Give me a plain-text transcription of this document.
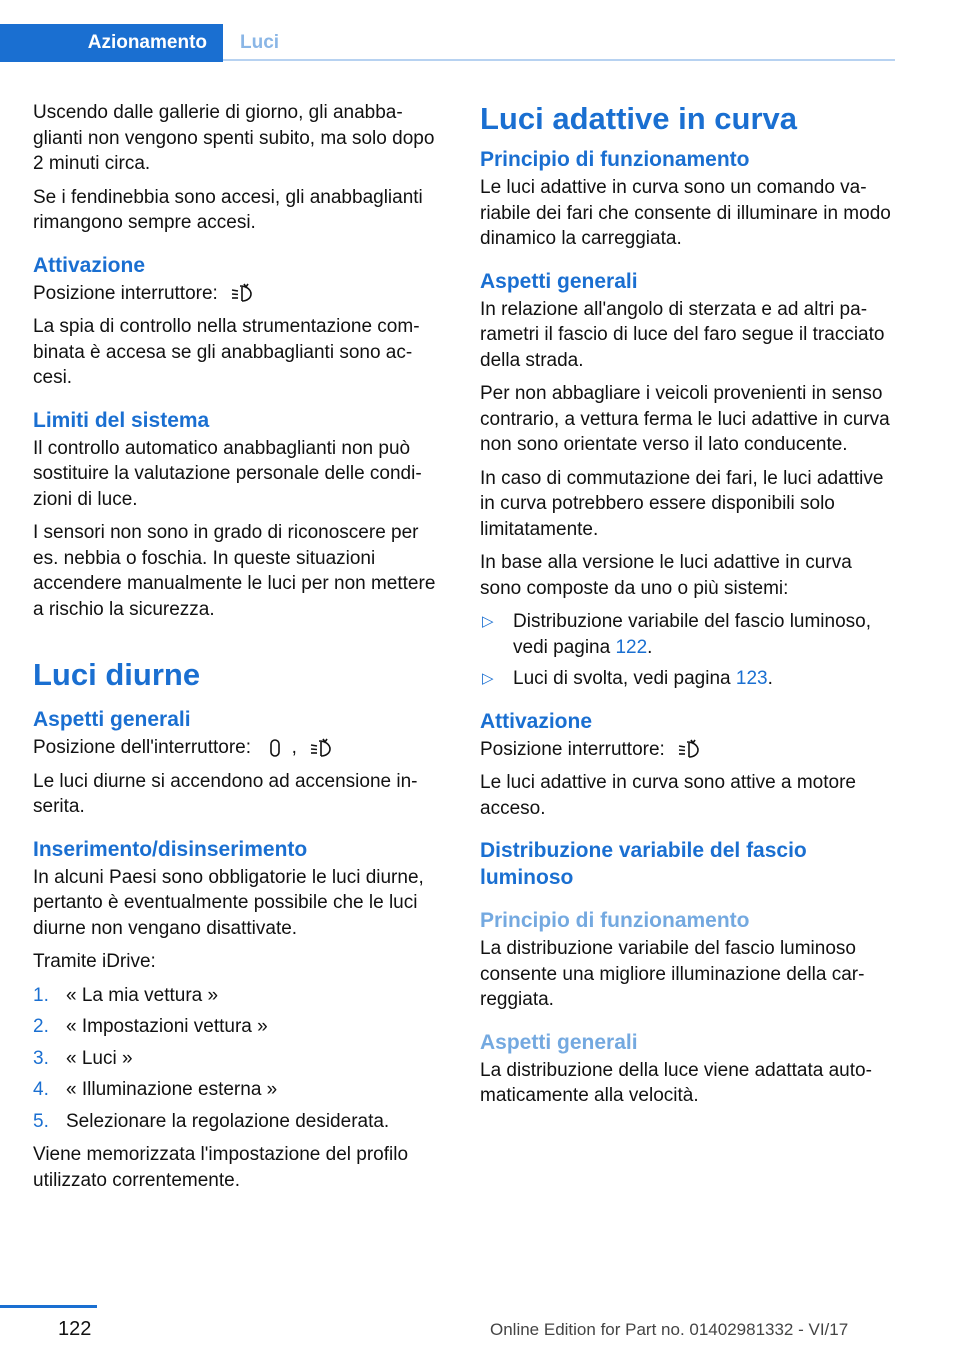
Azionamento	Luci

Uscendo dalle gallerie di giorno, gli anabbaglianti non vengono spenti subito, ma solo dopo 2 minuti circa.

Se i fendinebbia sono accesi, gli anabbaglianti rimangono sempre accesi.

Attivazione

Posizione interruttore:

La spia di controllo nella strumentazione combinata è accesa se gli anabbaglianti sono accesi.

Limiti del sistema

Il controllo automatico anabbaglianti non può sostituire la valutazione personale delle condizioni di luce.

I sensori non sono in grado di riconoscere per es. nebbia o foschia. In queste situazioni accendere manualmente le luci per non mettere a rischio la sicurezza.

Luci diurne
Aspetti generali

Posizione dell'interruttore: ,

Le luci diurne si accendono ad accensione inserita.

Inserimento/disinserimento

In alcuni Paesi sono obbligatorie le luci diurne, pertanto è eventualmente possibile che le luci diurne non vengano disattivate.

Tramite iDrive:

1. « La mia vettura »
2. « Impostazioni vettura »
3. « Luci »
4. « Illuminazione esterna »
5. Selezionare la regolazione desiderata.

Viene memorizzata l'impostazione del profilo utilizzato correntemente.

Luci adattive in curva
Principio di funzionamento

Le luci adattive in curva sono un comando variabile dei fari che consente di illuminare in modo dinamico la carreggiata.

Aspetti generali

In relazione all'angolo di sterzata e ad altri parametri il fascio di luce del faro segue il tracciato della strada.

Per non abbagliare i veicoli provenienti in senso contrario, a vettura ferma le luci adattive in curva non sono orientate verso il lato conducente.

In caso di commutazione dei fari, le luci adattive in curva potrebbero essere disponibili solo limitatamente.

In base alla versione le luci adattive in curva sono composte da uno o più sistemi:

▷ Distribuzione variabile del fascio luminoso, vedi pagina 122.
▷ Luci di svolta, vedi pagina 123.
Attivazione

Posizione interruttore:

Le luci adattive in curva sono attive a motore acceso.

Distribuzione variabile del fascio luminoso
Principio di funzionamento

La distribuzione variabile del fascio luminoso consente una migliore illuminazione della carreggiata.

Aspetti generali

La distribuzione della luce viene adattata automaticamente alla velocità.

122	Online Edition for Part no. 01402981332 - VI/17
